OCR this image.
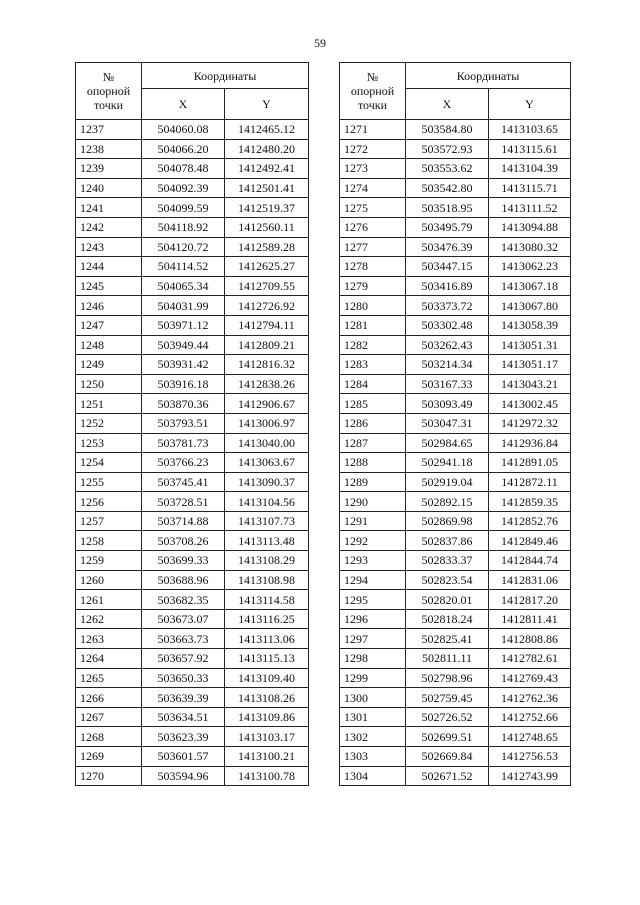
59
№
опорной
точки	Координаты	
	X	Y
1237	504060.08	1412465.12
1238	504066.20	1412480.20
1239	504078.48	1412492.41
1240	504092.39	1412501.41
1241	504099.59	1412519.37
1242	504118.92	1412560.11
1243	504120.72	1412589.28
1244	504114.52	1412625.27
1245	504065.34	1412709.55
1246	504031.99	1412726.92
1247	503971.12	1412794.11
1248	503949.44	1412809.21
1249	503931.42	1412816.32
1250	503916.18	1412838.26
1251	503870.36	1412906.67
1252	503793.51	1413006.97
1253	503781.73	1413040.00
1254	503766.23	1413063.67
1255	503745.41	1413090.37
1256	503728.51	1413104.56
1257	503714.88	1413107.73
1258	503708.26	1413113.48
1259	503699.33	1413108.29
1260	503688.96	1413108.98
1261	503682.35	1413114.58
1262	503673.07	1413116.25
1263	503663.73	1413113.06
1264	503657.92	1413115.13
1265	503650.33	1413109.40
1266	503639.39	1413108.26
1267	503634.51	1413109.86
1268	503623.39	1413103.17
1269	503601.57	1413100.21
1270	503594.96	1413100.78
№
опорной
точки	Координаты	
	X	Y
1271	503584.80	1413103.65
1272	503572.93	1413115.61
1273	503553.62	1413104.39
1274	503542.80	1413115.71
1275	503518.95	1413111.52
1276	503495.79	1413094.88
1277	503476.39	1413080.32
1278	503447.15	1413062.23
1279	503416.89	1413067.18
1280	503373.72	1413067.80
1281	503302.48	1413058.39
1282	503262.43	1413051.31
1283	503214.34	1413051.17
1284	503167.33	1413043.21
1285	503093.49	1413002.45
1286	503047.31	1412972.32
1287	502984.65	1412936.84
1288	502941.18	1412891.05
1289	502919.04	1412872.11
1290	502892.15	1412859.35
1291	502869.98	1412852.76
1292	502837.86	1412849.46
1293	502833.37	1412844.74
1294	502823.54	1412831.06
1295	502820.01	1412817.20
1296	502818.24	1412811.41
1297	502825.41	1412808.86
1298	502811.11	1412782.61
1299	502798.96	1412769.43
1300	502759.45	1412762.36
1301	502726.52	1412752.66
1302	502699.51	1412748.65
1303	502669.84	1412756.53
1304	502671.52	1412743.99
